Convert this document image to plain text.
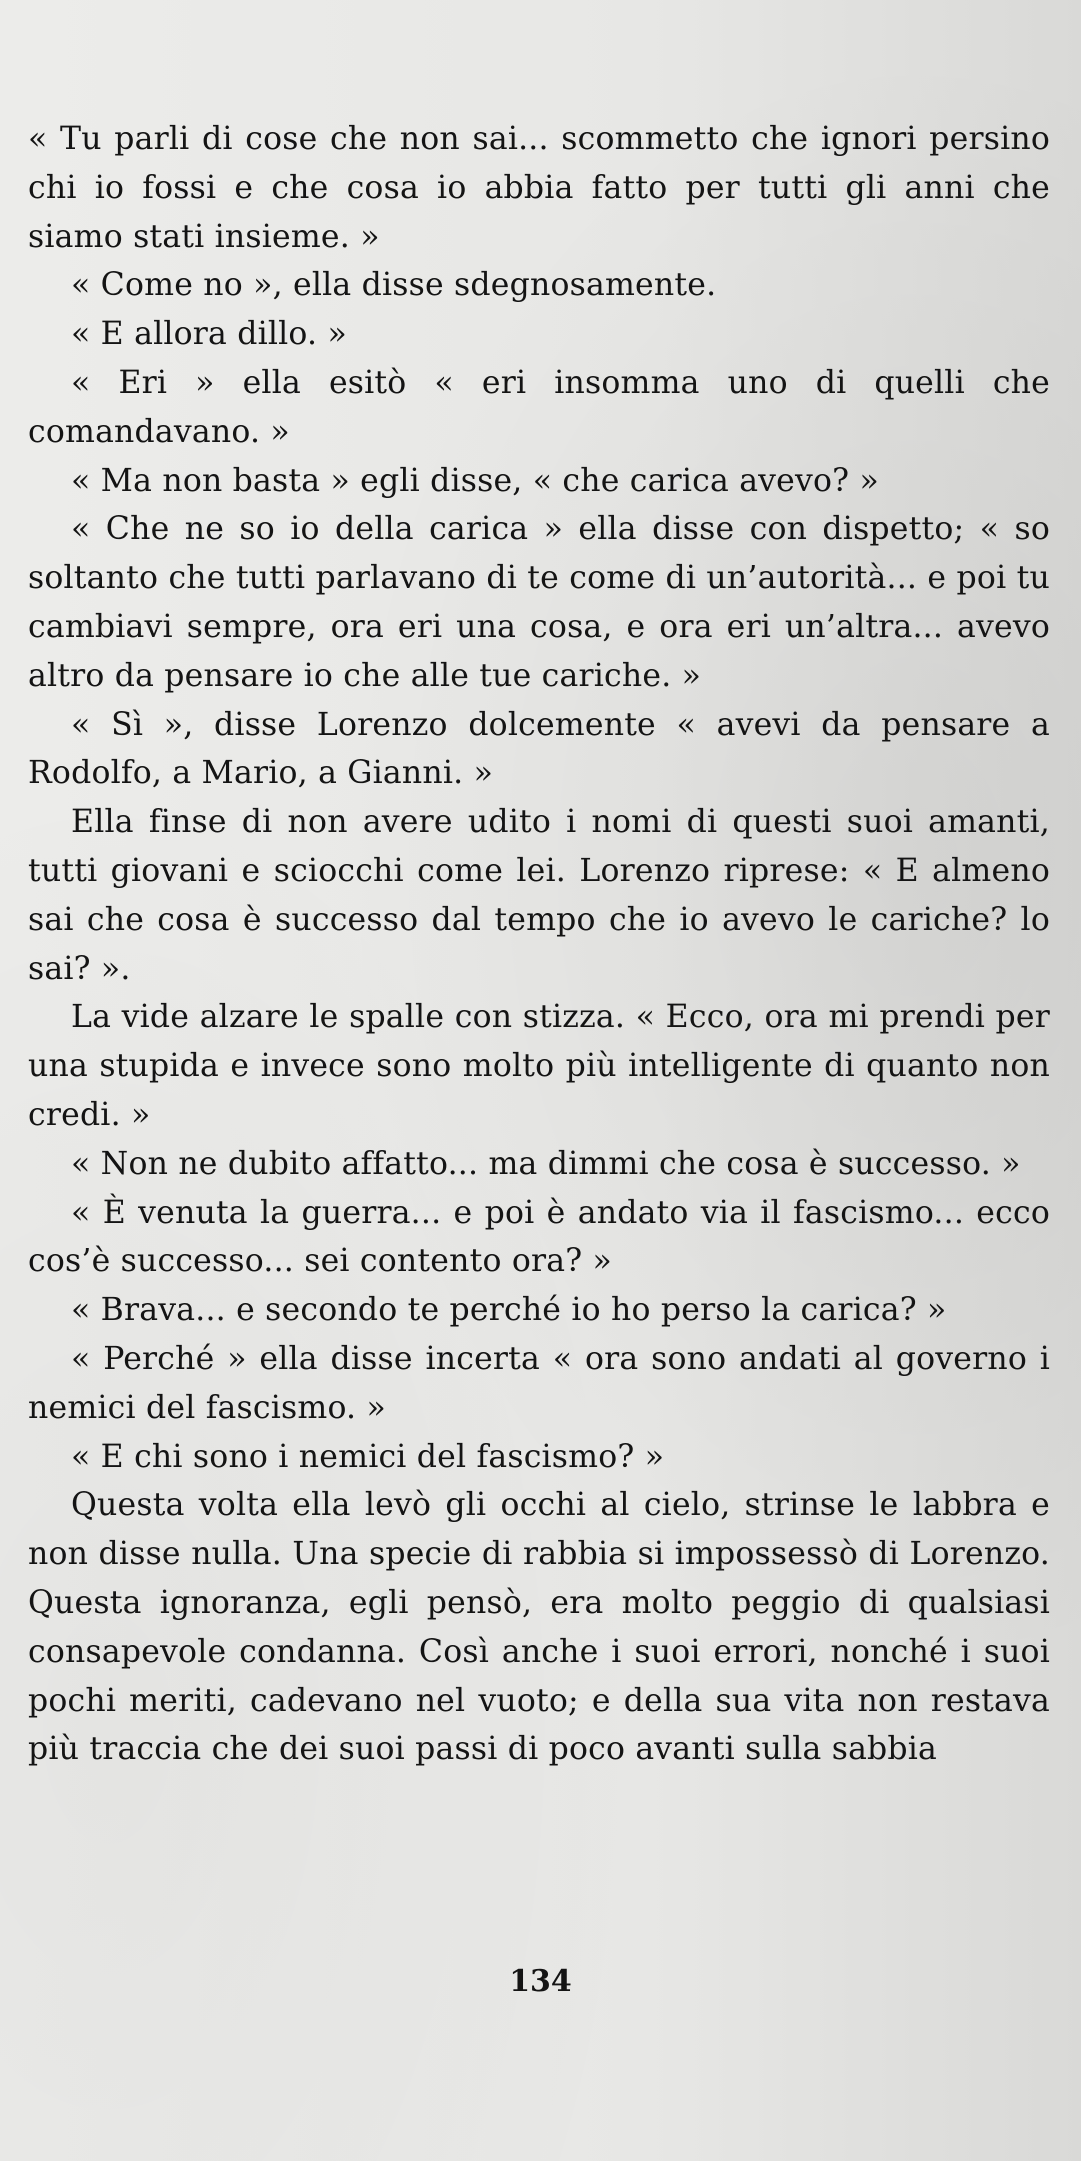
« Tu parli di cose che non sai... scommetto che ignori persino chi io fossi e che cosa io abbia fatto per tutti gli anni che siamo stati insieme. »

« Come no », ella disse sdegnosamente.

« E allora dillo. »

« Eri » ella esitò « eri insomma uno di quelli che comandavano. »

« Ma non basta » egli disse, « che carica avevo? »

« Che ne so io della carica » ella disse con dispetto; « so soltanto che tutti parlavano di te come di un’autorità... e poi tu cambiavi sempre, ora eri una cosa, e ora eri un’altra... avevo altro da pensare io che alle tue cariche. »

« Sì », disse Lorenzo dolcemente « avevi da pensare a Rodolfo, a Mario, a Gianni. »

Ella finse di non avere udito i nomi di questi suoi amanti, tutti giovani e sciocchi come lei. Lorenzo riprese: « E almeno sai che cosa è successo dal tempo che io avevo le cariche? lo sai? ».

La vide alzare le spalle con stizza. « Ecco, ora mi prendi per una stupida e invece sono molto più intelligente di quanto non credi. »

« Non ne dubito affatto... ma dimmi che cosa è successo. »

« È venuta la guerra... e poi è andato via il fascismo... ecco cos’è successo... sei contento ora? »

« Brava... e secondo te perché io ho perso la carica? »

« Perché » ella disse incerta « ora sono andati al governo i nemici del fascismo. »

« E chi sono i nemici del fascismo? »

Questa volta ella levò gli occhi al cielo, strinse le labbra e non disse nulla. Una specie di rabbia si impossessò di Lorenzo. Questa ignoranza, egli pensò, era molto peggio di qualsiasi consapevole condanna. Così anche i suoi errori, nonché i suoi pochi meriti, cadevano nel vuoto; e della sua vita non restava più traccia che dei suoi passi di poco avanti sulla sabbia

134
